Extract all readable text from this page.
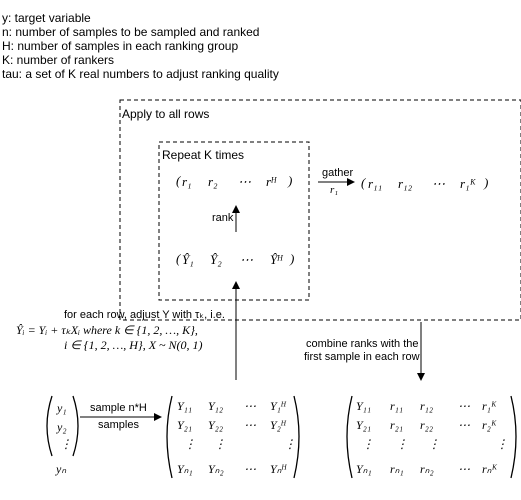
y: target variable
n: number of samples to be sampled and ranked
H: number of samples in each ranking group
K: number of rankers
tau: a set of K real numbers to adjust ranking quality
Apply to all rows
Repeat K times
( r₁ r₂ ⋯ rᴴ )
rank
( Ŷ₁ Ŷ₂ ⋯ Ŷᴴ )
gather
r₁ ( r₁₁ r₁₂ ⋯ r₁ᴷ )
for each row, adjust Y with τₖ, i.e.
Ŷᵢ = Yᵢ + τₖXᵢ where k ∈ {1, 2, …, K},
i ∈ {1, 2, …, H}, X ~ N(0, 1)	combine ranks with the
first sample in each row
sample n*H
samples
y₁
y₂
⋮
yₙ
Y₁₁ Y₁₂ ⋯ Y₁ᴴ
Y₂₁ Y₂₂ ⋯ Y₂ᴴ
⋮ ⋮	⋮
Yₙ₁ Yₙ₂ ⋯ Yₙᴴ
Y₁₁ r₁₁ r₁₂ ⋯ r₁ᴷ
Y₂₁ r₂₁ r₂₂ ⋯ r₂ᴷ
⋮ ⋮ ⋮	⋮
Yₙ₁ rₙ₁ rₙ₂ ⋯ rₙᴷ
